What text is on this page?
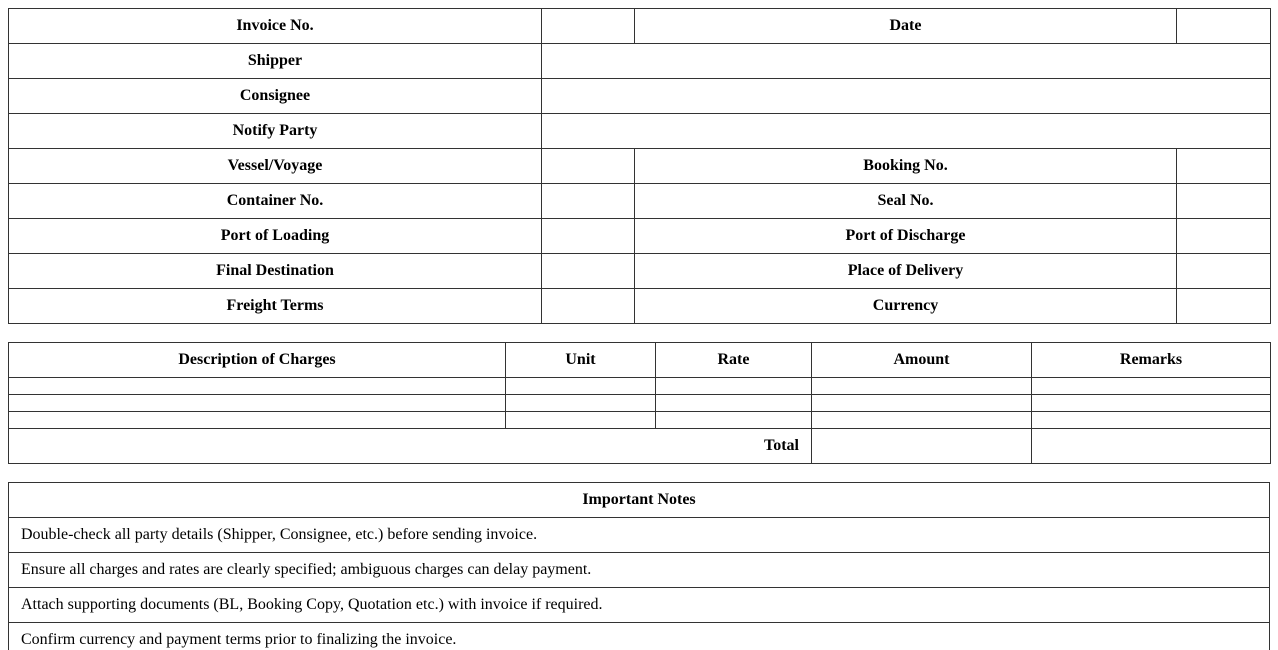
Invoice No.		Date	
Shipper			
Consignee			
Notify Party			
Vessel/Voyage		Booking No.	
Container No.		Seal No.	
Port of Loading		Port of Discharge	
Final Destination		Place of Delivery	
Freight Terms		Currency	
Description of Charges	Unit	Rate	Amount	Remarks

Total				
Important Notes
Double-check all party details (Shipper, Consignee, etc.) before sending invoice.
Ensure all charges and rates are clearly specified; ambiguous charges can delay payment.
Attach supporting documents (BL, Booking Copy, Quotation etc.) with invoice if required.
Confirm currency and payment terms prior to finalizing the invoice.
